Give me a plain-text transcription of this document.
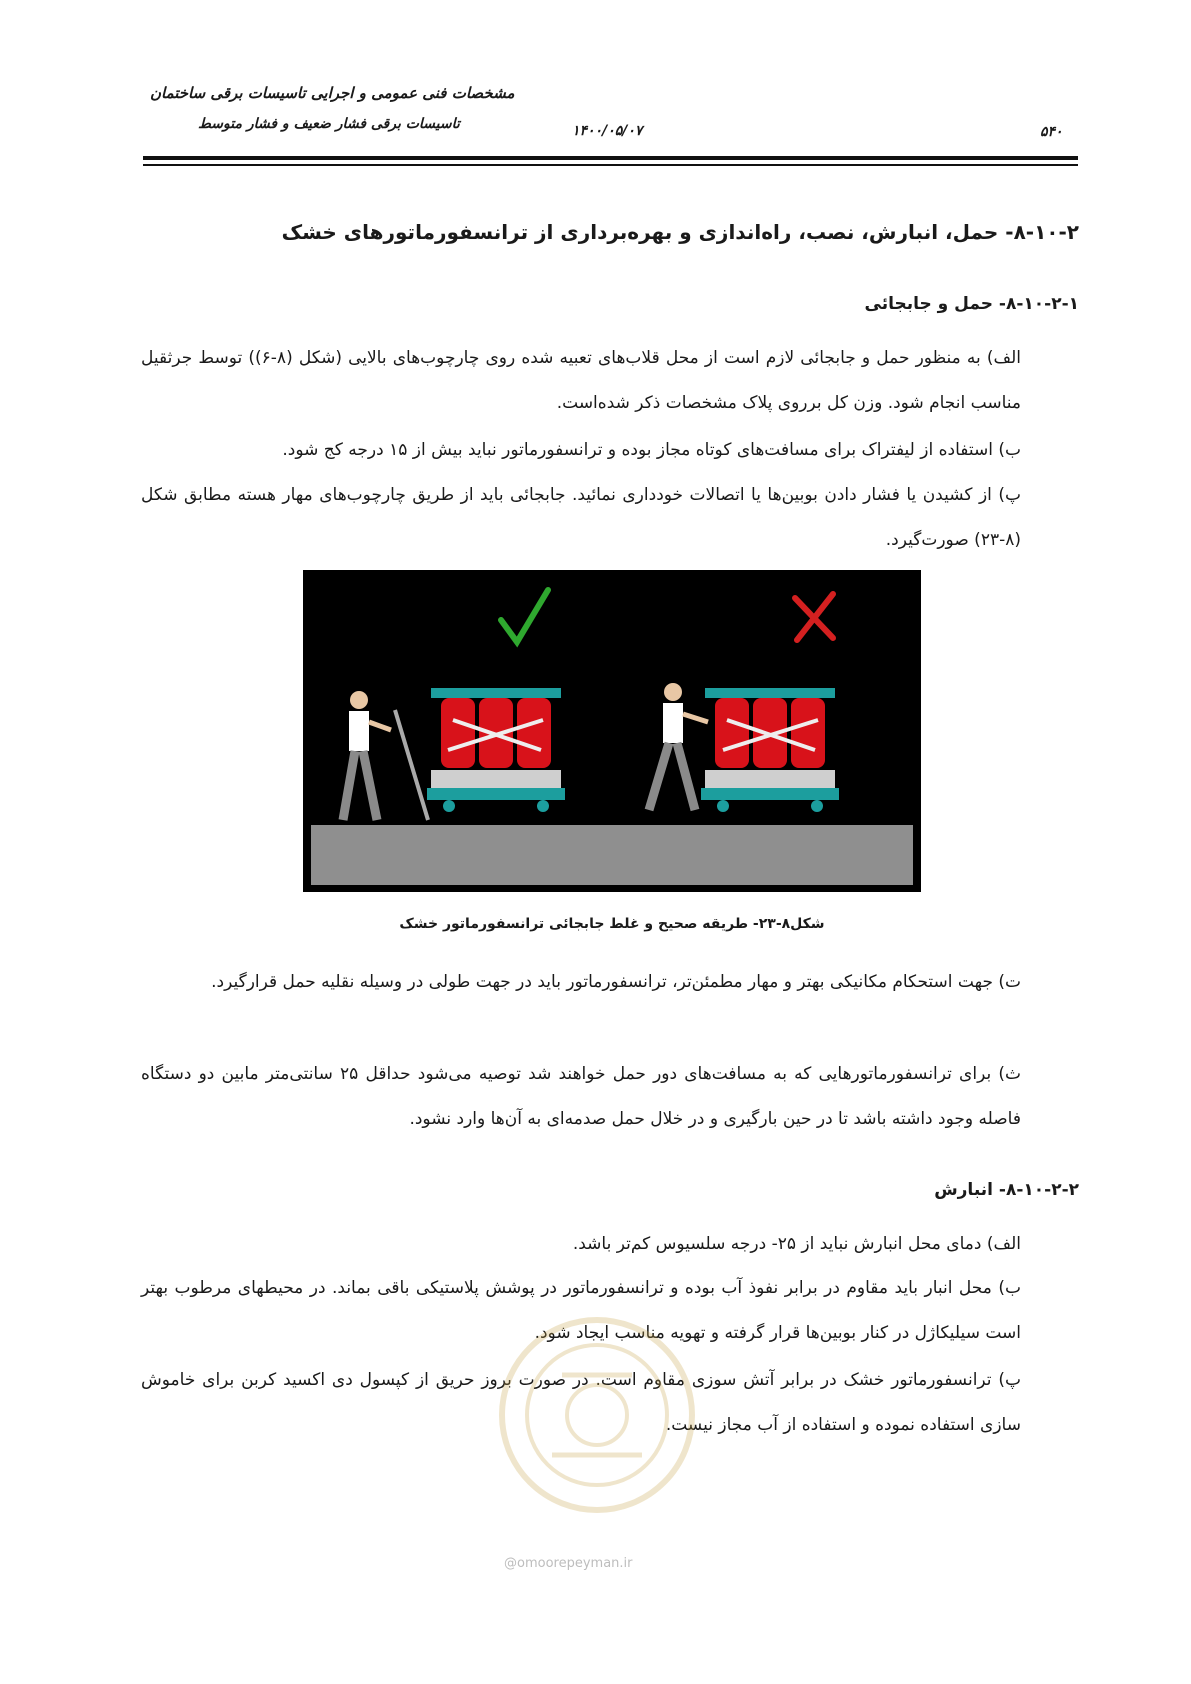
مشخصات فنی عمومی و اجرایی تاسیسات برقی ساختمان
تاسیسات برقی فشار ضعیف و فشار متوسط	۱۴۰۰/۰۵/۰۷	۵۴۰
۸-۱۰-۲- حمل، انبارش، نصب، راه‌اندازی و بهره‌برداری از ترانسفورماتورهای خشک
۸-۱۰-۲-۱- حمل و جابجائی
الف) به منظور حمل و جابجائی لازم است از محل قلاب‌های تعبیه شده روی چارچوب‌های بالایی (شکل (۸-۶)) توسط جرثقیل مناسب انجام شود. وزن کل برروی پلاک مشخصات ذکر شده‌است.
ب) استفاده از لیفتراک برای مسافت‌های کوتاه مجاز بوده و ترانسفورماتور نباید بیش از ۱۵ درجه کج شود.
پ) از کشیدن یا فشار دادن بوبین‌ها یا اتصالات خودداری نمائید. جابجائی باید از طریق چارچوب‌های مهار هسته مطابق شکل (۸-۲۳) صورت‌گیرد.
شکل۸-۲۳- طریقه صحیح و غلط جابجائی ترانسفورماتور خشک
ت) جهت استحکام مکانیکی بهتر و مهار مطمئن‌تر، ترانسفورماتور باید در جهت طولی در وسیله نقلیه حمل قرارگیرد.
ث) برای ترانسفورماتورهایی که به مسافت‌های دور حمل خواهند شد توصیه می‌شود حداقل ۲۵ سانتی‌متر مابین دو دستگاه فاصله وجود داشته باشد تا در حین بارگیری و در خلال حمل صدمه‌ای به آن‌ها وارد نشود.
۸-۱۰-۲-۲- انبارش
الف) دمای محل انبارش نباید از ۲۵- درجه سلسیوس کم‌تر باشد.
ب) محل انبار باید مقاوم در برابر نفوذ آب بوده و ترانسفورماتور در پوشش پلاستیکی باقی بماند. در محیطهای مرطوب بهتر است سیلیکاژل در کنار بوبین‌ها قرار گرفته و تهویه مناسب ایجاد شود.
پ) ترانسفورماتور خشک در برابر آتش سوزی مقاوم است. در صورت بروز حریق از کپسول دی اکسید کربن برای خاموش سازی استفاده نموده و استفاده از آب مجاز نیست.
@omoorepeyman.ir
